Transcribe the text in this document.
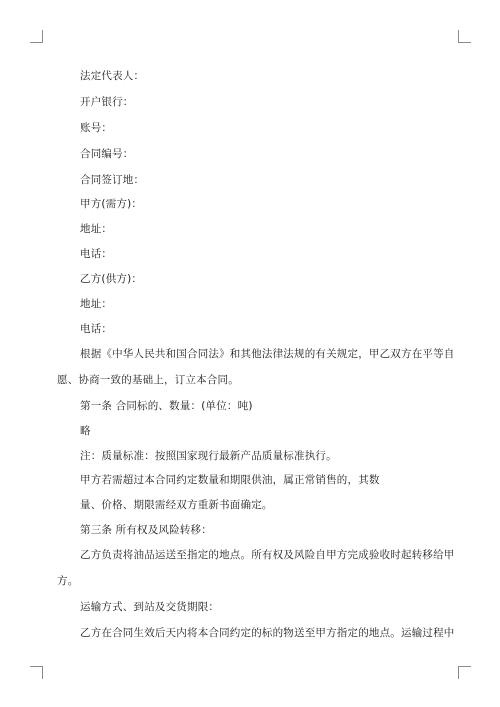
法定代表人：
开户银行：
账号：
合同编号：
合同签订地：
甲方(需方)：
地址：
电话：
乙方(供方)：
地址：
电话：
根据《中华人民共和国合同法》和其他法律法规的有关规定，甲乙双方在平等自
愿、协商一致的基础上，订立本合同。
第一条 合同标的、数量：(单位：吨)
略
注：质量标准：按照国家现行最新产品质量标准执行。
甲方若需超过本合同约定数量和期限供油，属正常销售的，其数
量、价格、期限需经双方重新书面确定。
第三条 所有权及风险转移：
乙方负责将油品运送至指定的地点。所有权及风险自甲方完成验收时起转移给甲
方。
运输方式、到站及交货期限：
乙方在合同生效后天内将本合同约定的标的物送至甲方指定的地点。运输过程中
